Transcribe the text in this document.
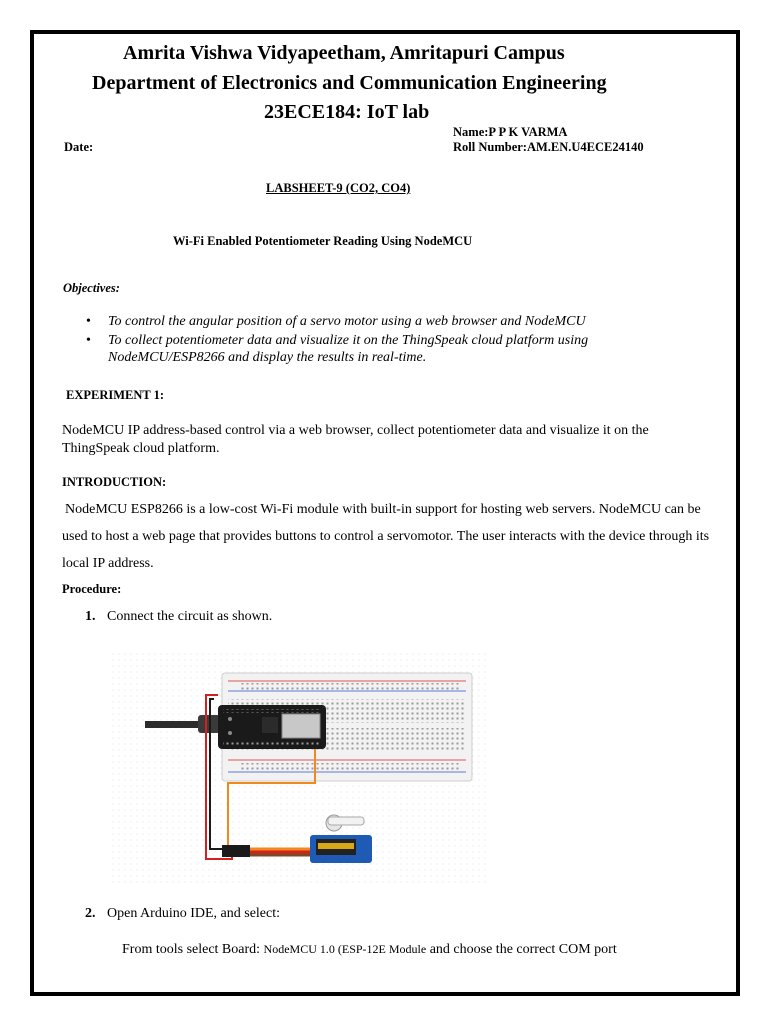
Amrita Vishwa Vidyapeetham, Amritapuri Campus
Department of Electronics and Communication Engineering
23ECE184: IoT lab
Name:P P K VARMA
Date:	Roll Number:AM.EN.U4ECE24140
LABSHEET-9 (CO2, CO4)
Wi-Fi Enabled Potentiometer Reading Using NodeMCU
Objectives:
• To control the angular position of a servo motor using a web browser and NodeMCU
• To collect potentiometer data and visualize it on the ThingSpeak cloud platform using NodeMCU/ESP8266 and display the results in real-time.
EXPERIMENT 1:
NodeMCU IP address-based control via a web browser, collect potentiometer data and visualize it on the ThingSpeak cloud platform.
INTRODUCTION:
NodeMCU ESP8266 is a low-cost Wi-Fi module with built-in support for hosting web servers. NodeMCU can be used to host a web page that provides buttons to control a servomotor. The user interacts with the device through its local IP address.
Procedure:
1. Connect the circuit as shown.
2. Open Arduino IDE, and select:
From tools select Board: NodeMCU 1.0 (ESP-12E Module and choose the correct COM port
